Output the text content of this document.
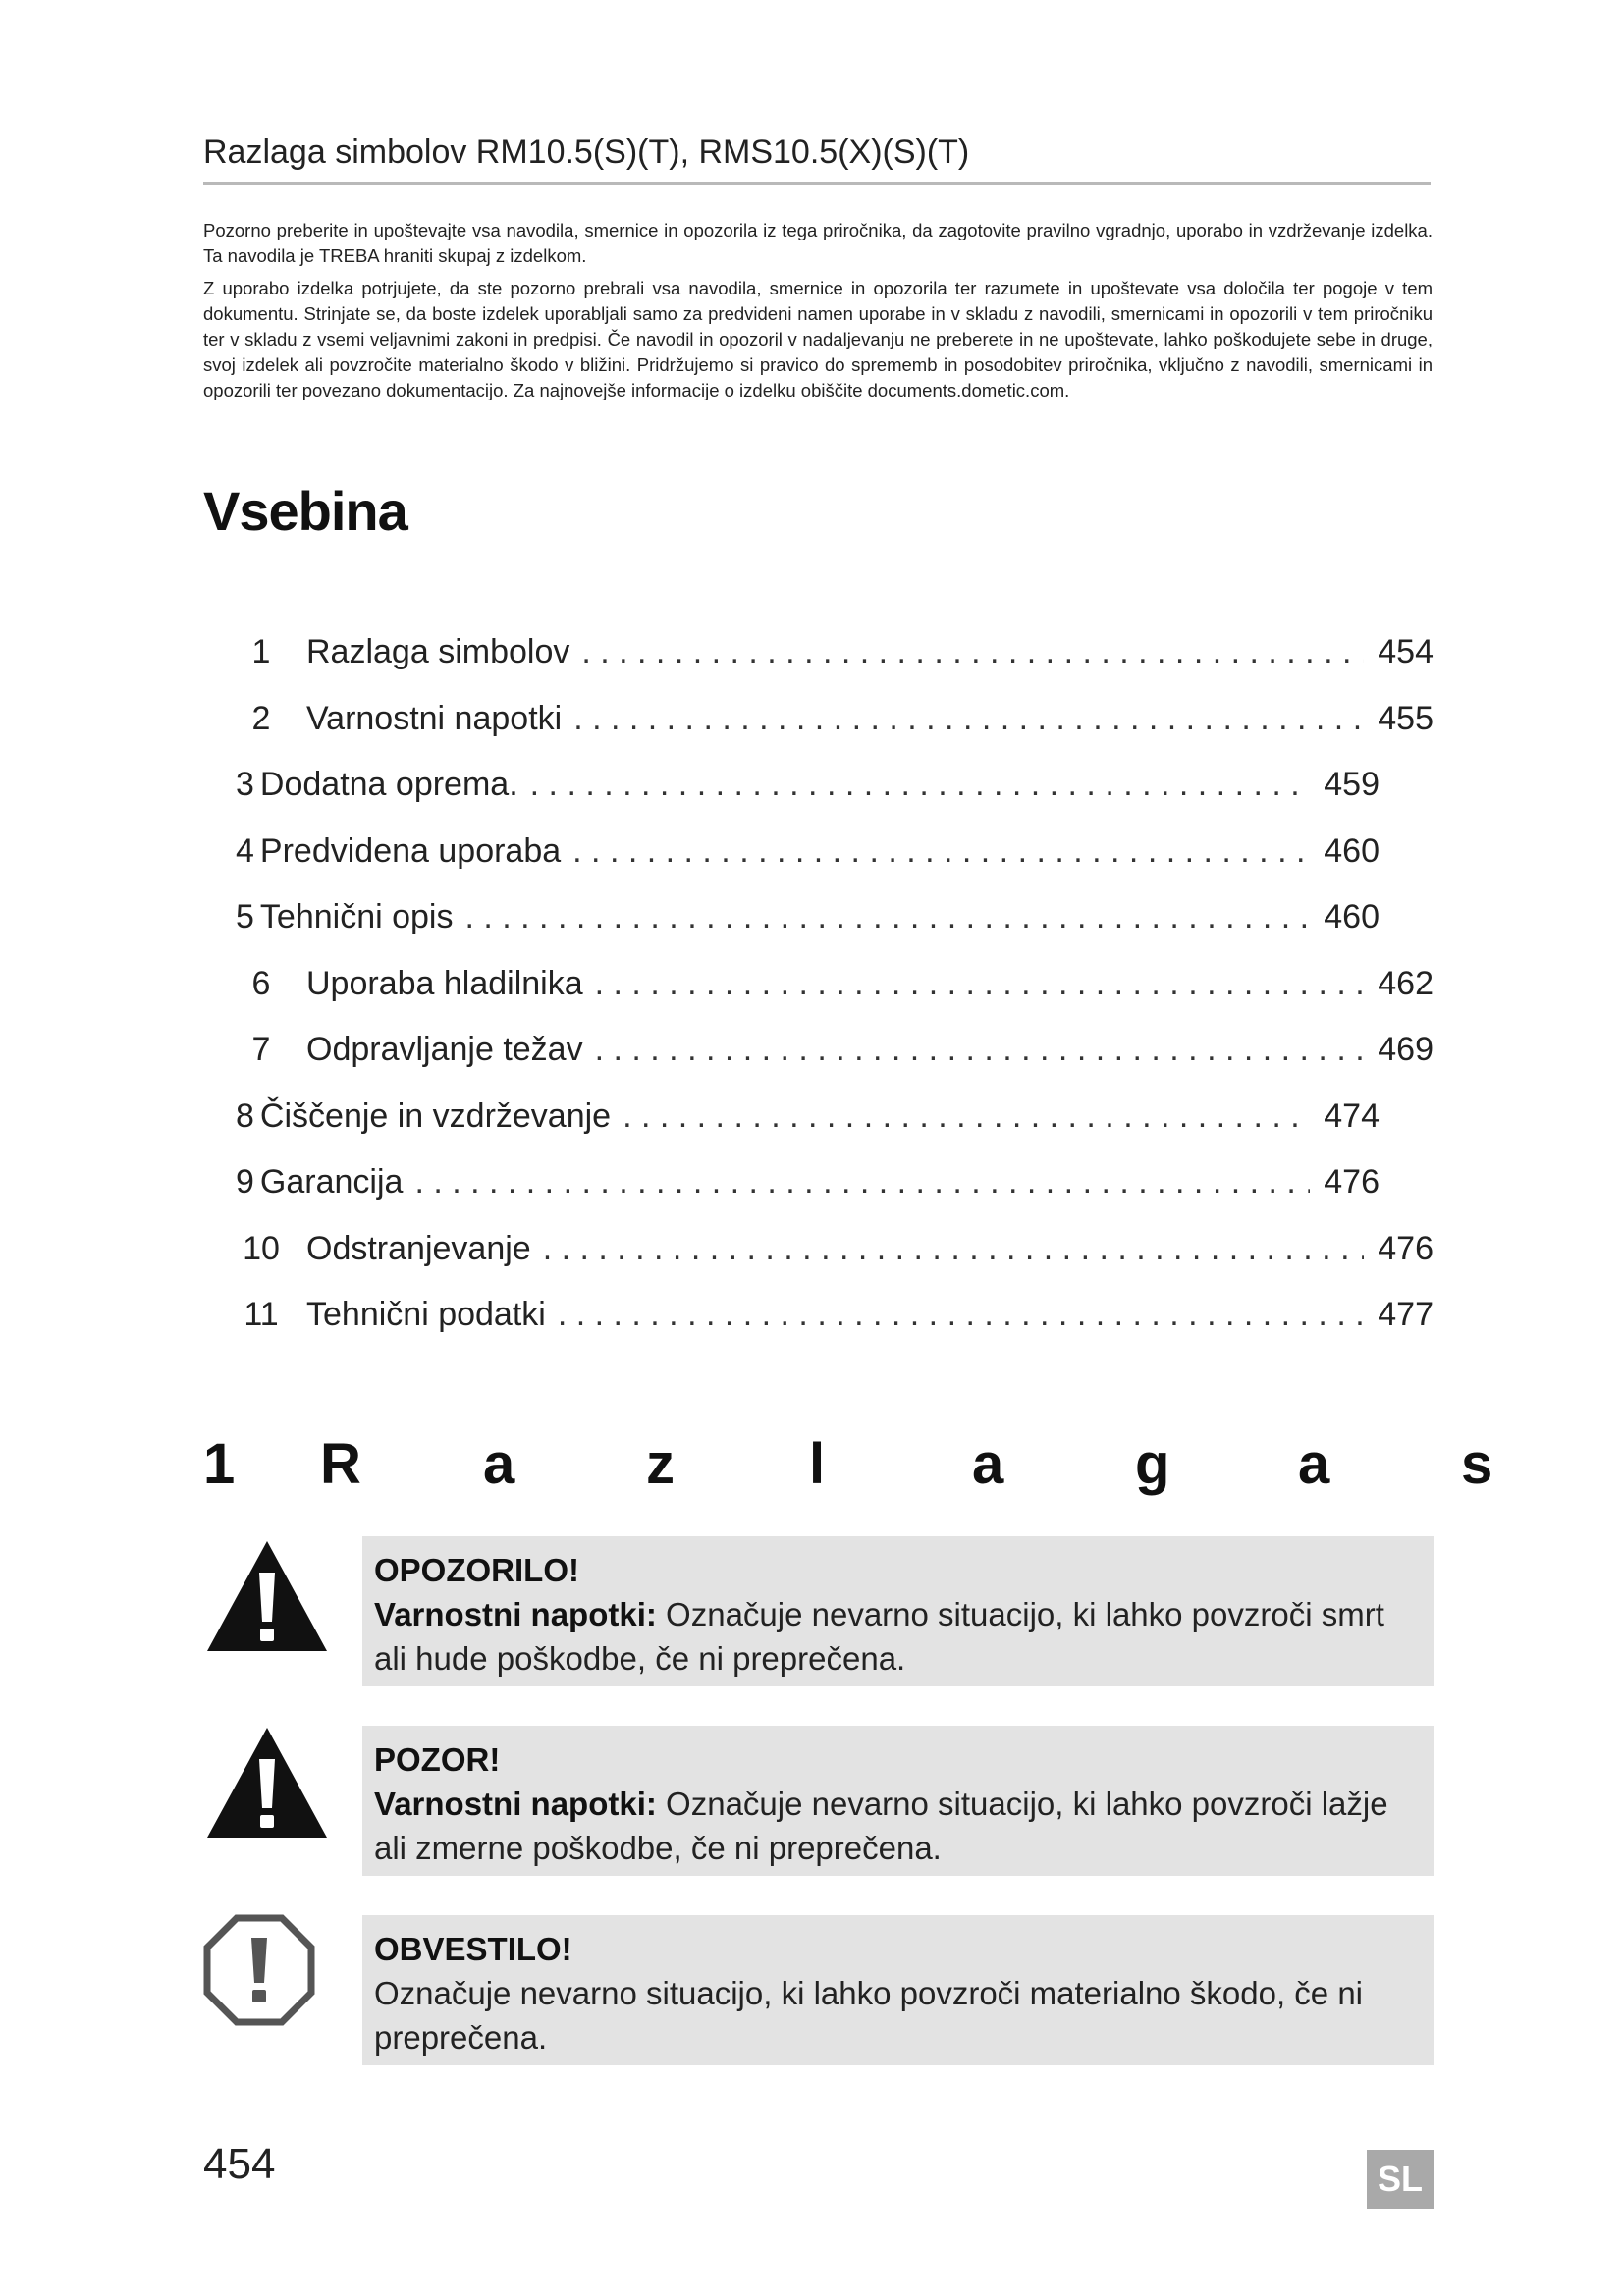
Razlaga simbolov RM10.5(S)(T), RMS10.5(X)(S)(T)

Pozorno preberite in upoštevajte vsa navodila, smernice in opozorila iz tega priročnika, da zagotovite pravilno vgradnjo, uporabo in vzdrževanje izdelka. Ta navodila je TREBA hraniti skupaj z izdelkom.

Z uporabo izdelka potrjujete, da ste pozorno prebrali vsa navodila, smernice in opozorila ter razumete in upoštevate vsa določila ter pogoje v tem dokumentu. Strinjate se, da boste izdelek uporabljali samo za predvideni namen uporabe in v skladu z navodili, smernicami in opozorili v tem priročniku ter v skladu z vsemi veljavnimi zakoni in predpisi. Če navodil in opozoril v nadaljevanju ne preberete in ne upoštevate, lahko poškodujete sebe in druge, svoj izdelek ali povzročite materialno škodo v bližini. Pridržujemo si pravico do sprememb in posodobitev priročnika, vključno z navodili, smernicami in opozorili ter povezano dokumentacijo. Za najnovejše informacije o izdelku obiščite documents.dometic.com.

Vsebina
1	Razlaga simbolov . . .	454
2	Varnostni napotki . . .	455
3 Dodatna oprema. . . .	459
4 Predvidena uporaba . . .	460
5 Tehnični opis . . .	460
6	Uporaba hladilnika . . .	462
7	Odpravljanje težav . . .	469
8 Čiščenje in vzdrževanje . . .	474
9 Garancija . . .	476
10 Odstranjevanje . . .	476
11 Tehnični podatki . . .	477
1	R	a	z	l	a	g	a	s
OPOZORILO!
Varnostni napotki: Označuje nevarno situacijo, ki lahko povzroči smrt ali hude poškodbe, če ni preprečena.
POZOR!
Varnostni napotki: Označuje nevarno situacijo, ki lahko povzroči lažje ali zmerne poškodbe, če ni preprečena.
OBVESTILO!
Označuje nevarno situacijo, ki lahko povzroči materialno škodo, če ni preprečena.
454	SL
